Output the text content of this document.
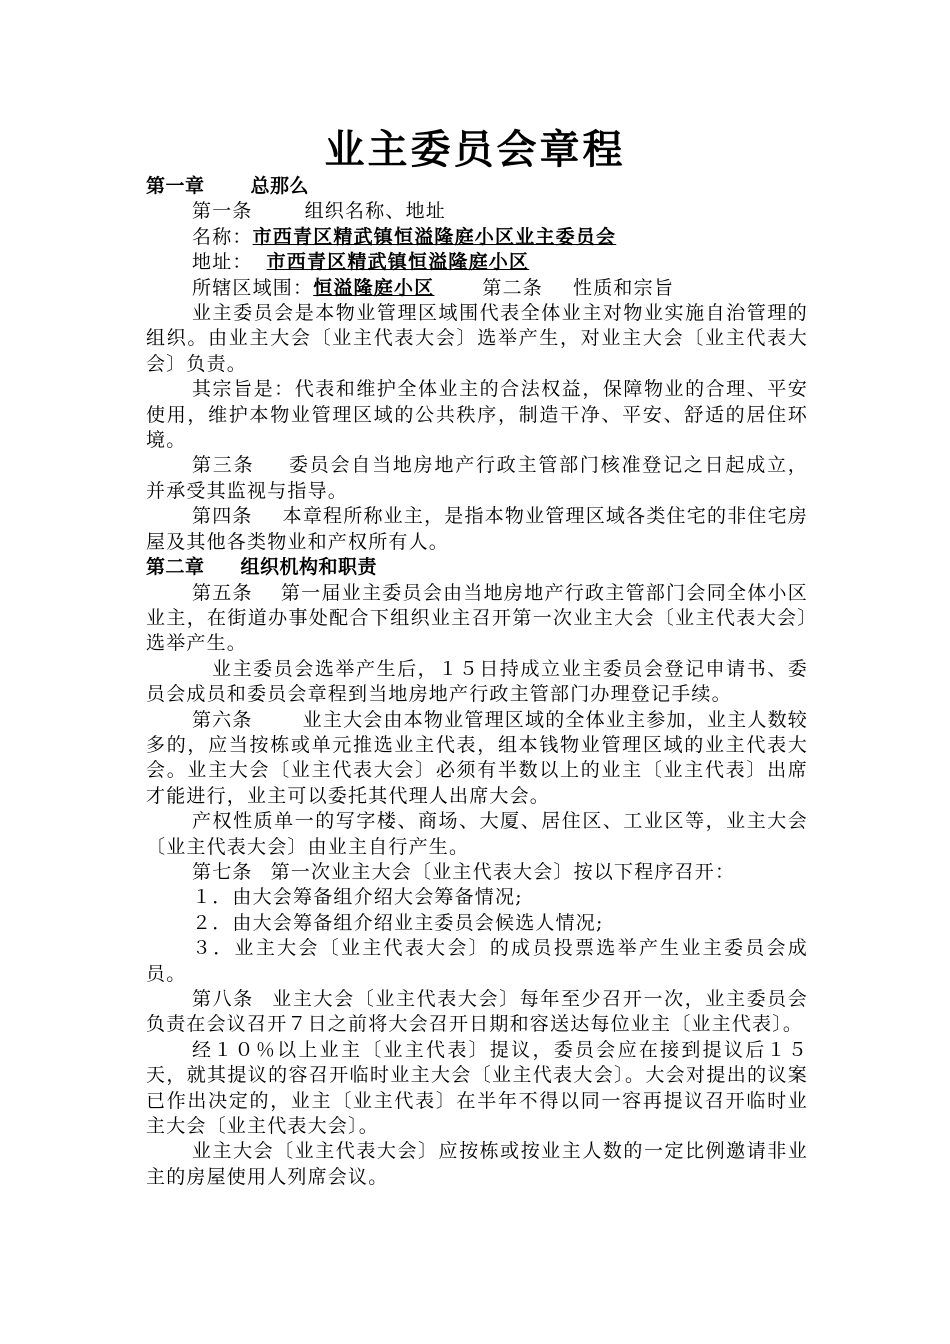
业主委员会章程

第一章 总那么

第一条	组织名称、地址

名称：市西青区精武镇恒溢隆庭小区业主委员会

地址： 市西青区精武镇恒溢隆庭小区

所辖区域围：恒溢隆庭小区	第二条 性质和宗旨

业主委员会是本物业管理区域围代表全体业主对物业实施自治管理的组织。由业主大会〔业主代表大会〕选举产生，对业主大会〔业主代表大会〕负责。

其宗旨是：代表和维护全体业主的合法权益，保障物业的合理、平安使用，维护本物业管理区域的公共秩序，制造干净、平安、舒适的居住环境。

第三条 委员会自当地房地产行政主管部门核准登记之日起成立，并承受其监视与指导。

第四条 本章程所称业主，是指本物业管理区域各类住宅的非住宅房屋及其他各类物业和产权所有人。

第二章 组织机构和职责

第五条 第一届业主委员会由当地房地产行政主管部门会同全体小区业主，在街道办事处配合下组织业主召开第一次业主大会〔业主代表大会〕选举产生。

业主委员会选举产生后，１５日持成立业主委员会登记申请书、委员会成员和委员会章程到当地房地产行政主管部门办理登记手续。

第六条	业主大会由本物业管理区域的全体业主参加，业主人数较多的，应当按栋或单元推选业主代表，组本钱物业管理区域的业主代表大会。业主大会〔业主代表大会〕必须有半数以上的业主〔业主代表〕出席才能进行，业主可以委托其代理人出席大会。

产权性质单一的写字楼、商场、大厦、居住区、工业区等，业主大会〔业主代表大会〕由业主自行产生。

第七条 第一次业主大会〔业主代表大会〕按以下程序召开：

１．由大会筹备组介绍大会筹备情况;

２．由大会筹备组介绍业主委员会候选人情况;

３．业主大会〔业主代表大会〕的成员投票选举产生业主委员会成员。

第八条 业主大会〔业主代表大会〕每年至少召开一次，业主委员会负责在会议召开７日之前将大会召开日期和容送达每位业主〔业主代表〕。

经１０％以上业主〔业主代表〕提议，委员会应在接到提议后１５天，就其提议的容召开临时业主大会〔业主代表大会〕。大会对提出的议案已作出决定的，业主〔业主代表〕在半年不得以同一容再提议召开临时业主大会〔业主代表大会〕。

业主大会〔业主代表大会〕应按栋或按业主人数的一定比例邀请非业主的房屋使用人列席会议。
